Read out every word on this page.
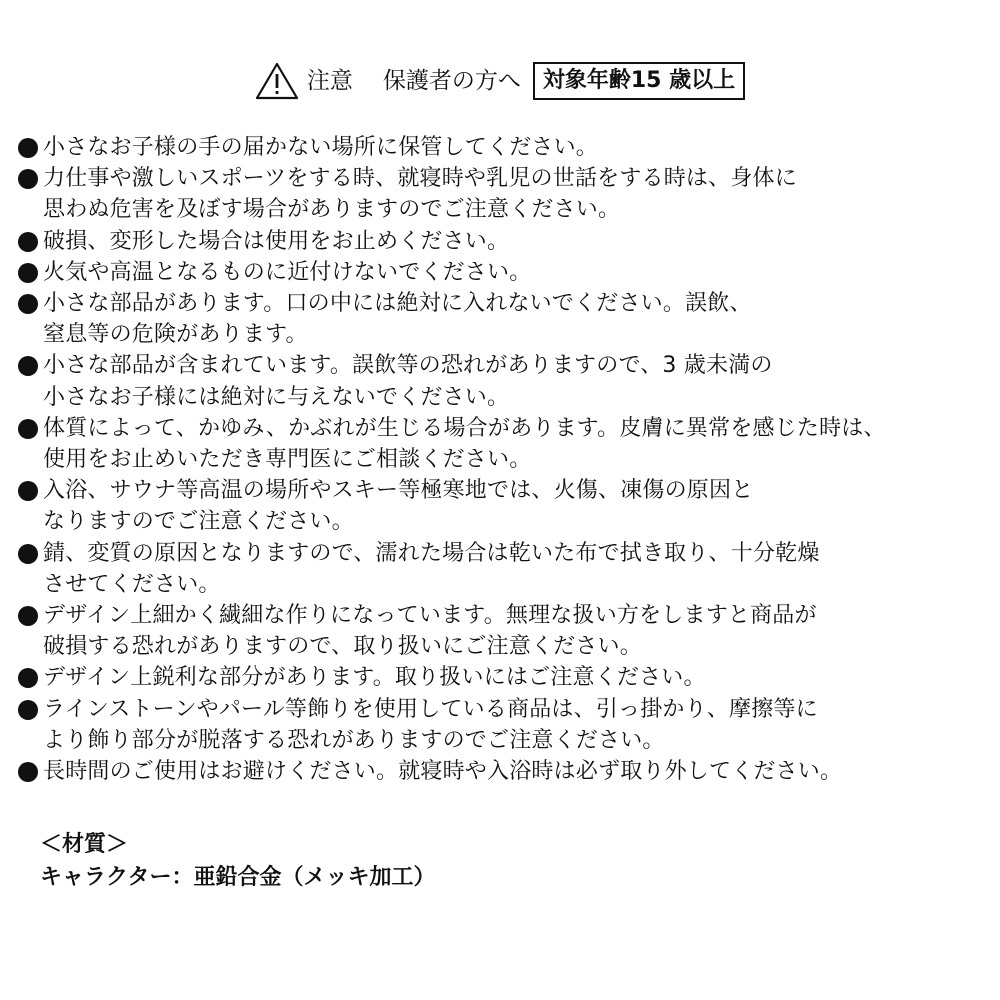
注意 保護者の方へ	対象年齢15 歳以上
小さなお子様の手の届かない場所に保管してください。
力仕事や激しいスポーツをする時、就寝時や乳児の世話をする時は、身体に
思わぬ危害を及ぼす場合がありますのでご注意ください。
破損、変形した場合は使用をお止めください。
火気や高温となるものに近付けないでください。
小さな部品があります。口の中には絶対に入れないでください。誤飲、
窒息等の危険があります。
小さな部品が含まれています。誤飲等の恐れがありますので、3 歳未満の
小さなお子様には絶対に与えないでください。
体質によって、かゆみ、かぶれが生じる場合があります。皮膚に異常を感じた時は、
使用をお止めいただき専門医にご相談ください。
入浴、サウナ等高温の場所やスキー等極寒地では、火傷、凍傷の原因と
なりますのでご注意ください。
錆、変質の原因となりますので、濡れた場合は乾いた布で拭き取り、十分乾燥
させてください。
デザイン上細かく繊細な作りになっています。無理な扱い方をしますと商品が
破損する恐れがありますので、取り扱いにご注意ください。
デザイン上鋭利な部分があります。取り扱いにはご注意ください。
ラインストーンやパール等飾りを使用している商品は、引っ掛かり、摩擦等に
より飾り部分が脱落する恐れがありますのでご注意ください。
長時間のご使用はお避けください。就寝時や入浴時は必ず取り外してください。
＜材質＞
キャラクター：亜鉛合金（メッキ加工）
